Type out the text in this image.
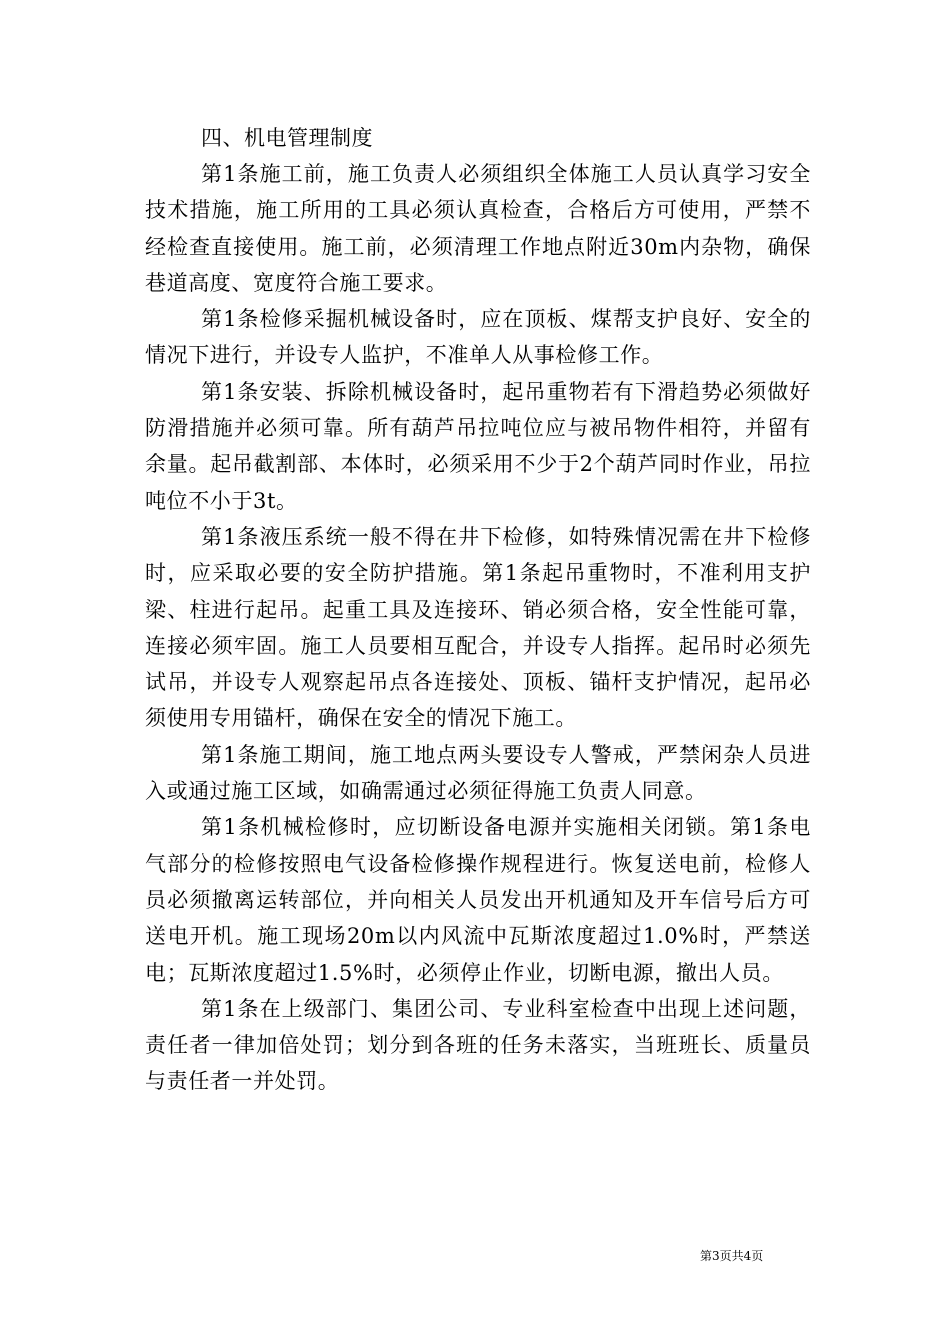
四、机电管理制度

第1条施工前，施工负责人必须组织全体施工人员认真学习安全技术措施，施工所用的工具必须认真检查，合格后方可使用，严禁不经检查直接使用。施工前，必须清理工作地点附近30m内杂物，确保巷道高度、宽度符合施工要求。

第1条检修采掘机械设备时，应在顶板、煤帮支护良好、安全的情况下进行，并设专人监护，不准单人从事检修工作。

第1条安装、拆除机械设备时，起吊重物若有下滑趋势必须做好防滑措施并必须可靠。所有葫芦吊拉吨位应与被吊物件相符，并留有余量。起吊截割部、本体时，必须采用不少于2个葫芦同时作业，吊拉吨位不小于3t。

第1条液压系统一般不得在井下检修，如特殊情况需在井下检修时，应采取必要的安全防护措施。第1条起吊重物时，不准利用支护梁、柱进行起吊。起重工具及连接环、销必须合格，安全性能可靠，连接必须牢固。施工人员要相互配合，并设专人指挥。起吊时必须先试吊，并设专人观察起吊点各连接处、顶板、锚杆支护情况，起吊必须使用专用锚杆，确保在安全的情况下施工。

第1条施工期间，施工地点两头要设专人警戒，严禁闲杂人员进入或通过施工区域，如确需通过必须征得施工负责人同意。

第1条机械检修时，应切断设备电源并实施相关闭锁。第1条电气部分的检修按照电气设备检修操作规程进行。恢复送电前，检修人员必须撤离运转部位，并向相关人员发出开机通知及开车信号后方可送电开机。施工现场20m以内风流中瓦斯浓度超过1.0%时，严禁送电；瓦斯浓度超过1.5%时，必须停止作业，切断电源，撤出人员。

第1条在上级部门、集团公司、专业科室检查中出现上述问题，责任者一律加倍处罚；划分到各班的任务未落实，当班班长、质量员与责任者一并处罚。

第3页共4页
